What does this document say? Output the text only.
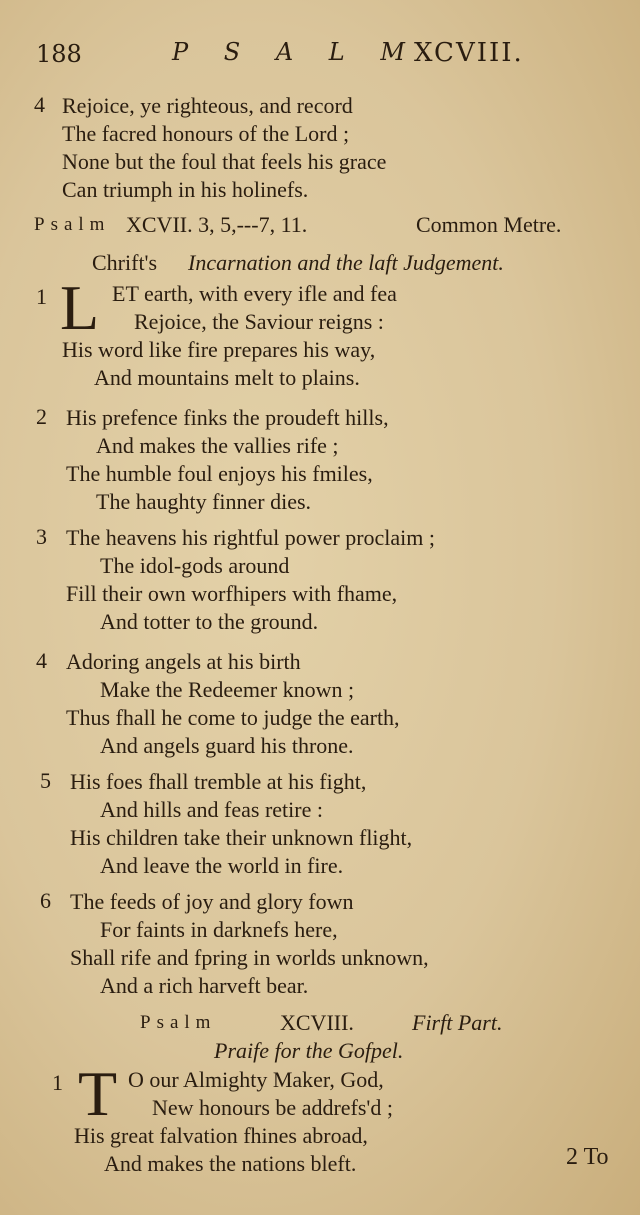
188	P S A L M
XCVIII.
4 Rejoice, ye righteous, and record
The facred honours of the Lord ;
None but the foul that feels his grace
Can triumph in his holinefs.
Psalm XCVII. 3, 5,---7, 11.	Common Metre.
Chrift's Incarnation and the laft Judgement.
1 L ET earth, with every ifle and fea
Rejoice, the Saviour reigns :
His word like fire prepares his way,
And mountains melt to plains.
2 His prefence finks the proudeft hills,
And makes the vallies rife ;
The humble foul enjoys his fmiles,
The haughty finner dies.
3 The heavens his rightful power proclaim ;
The idol-gods around
Fill their own worfhipers with fhame,
And totter to the ground.
4 Adoring angels at his birth
Make the Redeemer known ;
Thus fhall he come to judge the earth,
And angels guard his throne.
5 His foes fhall tremble at his fight,
And hills and feas retire :
His children take their unknown flight,
And leave the world in fire.
6 The feeds of joy and glory fown
For faints in darknefs here,
Shall rife and fpring in worlds unknown,
And a rich harveft bear.
Psalm	XCVIII.	Firft Part.
Praife for the Gofpel.
1 T O our Almighty Maker, God,
New honours be addrefs'd ;
His great falvation fhines abroad,
And makes the nations bleft.	2 To
